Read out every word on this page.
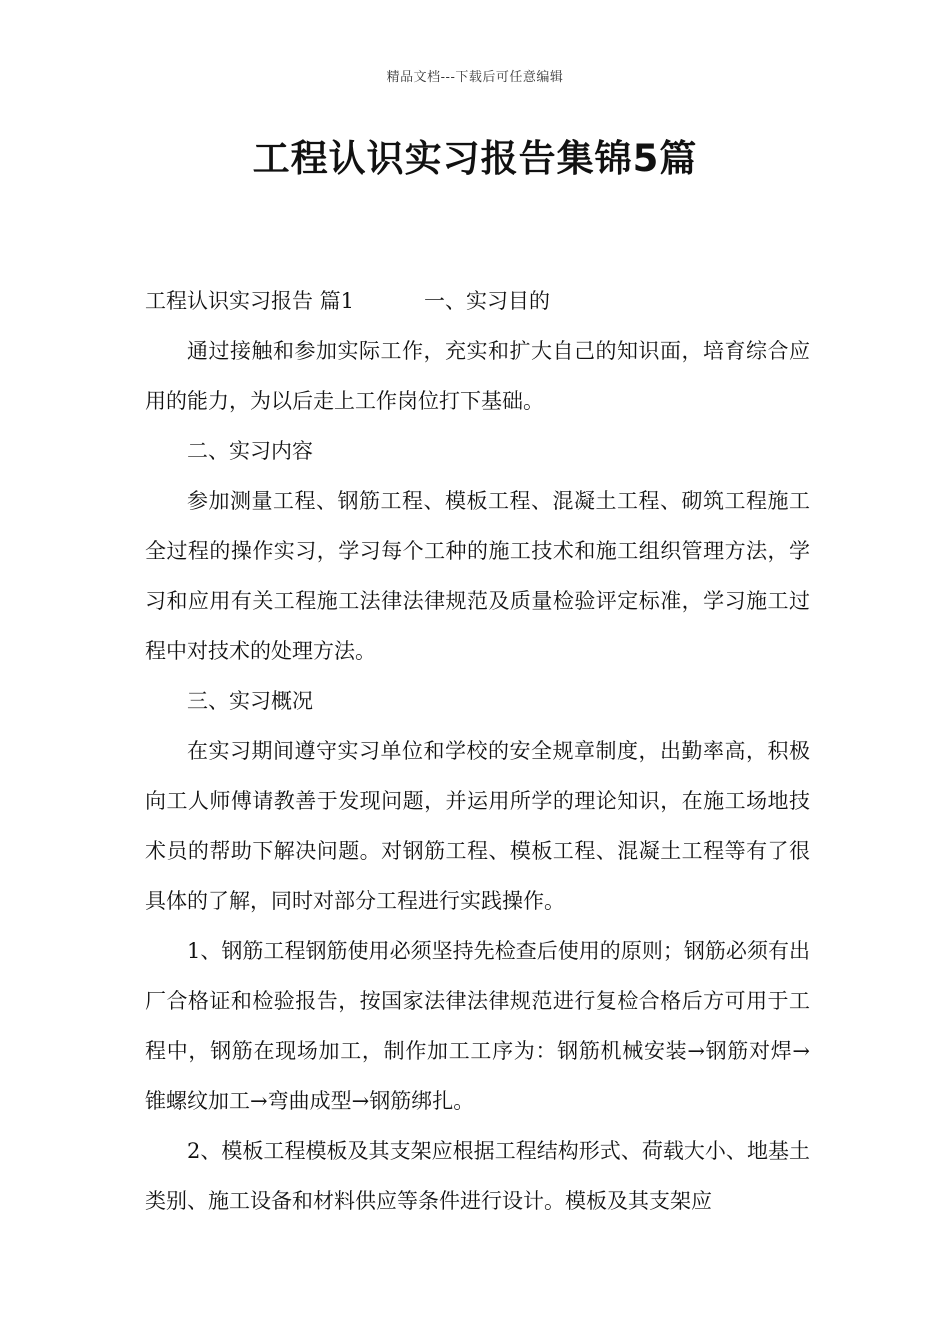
精品文档---下载后可任意编辑
工程认识实习报告集锦5篇

工程认识实习报告 篇1	一、实习目的

通过接触和参加实际工作，充实和扩大自己的知识面，培育综合应用的能力，为以后走上工作岗位打下基础。

二、实习内容

参加测量工程、钢筋工程、模板工程、混凝土工程、砌筑工程施工全过程的操作实习，学习每个工种的施工技术和施工组织管理方法，学习和应用有关工程施工法律法律规范及质量检验评定标准，学习施工过程中对技术的处理方法。

三、实习概况

在实习期间遵守实习单位和学校的安全规章制度，出勤率高，积极向工人师傅请教善于发现问题，并运用所学的理论知识，在施工场地技术员的帮助下解决问题。对钢筋工程、模板工程、混凝土工程等有了很具体的了解，同时对部分工程进行实践操作。

1、钢筋工程钢筋使用必须坚持先检查后使用的原则；钢筋必须有出厂合格证和检验报告，按国家法律法律规范进行复检合格后方可用于工程中，钢筋在现场加工，制作加工工序为：钢筋机械安装→钢筋对焊→锥螺纹加工→弯曲成型→钢筋绑扎。

2、模板工程模板及其支架应根据工程结构形式、荷载大小、地基土类别、施工设备和材料供应等条件进行设计。模板及其支架应
